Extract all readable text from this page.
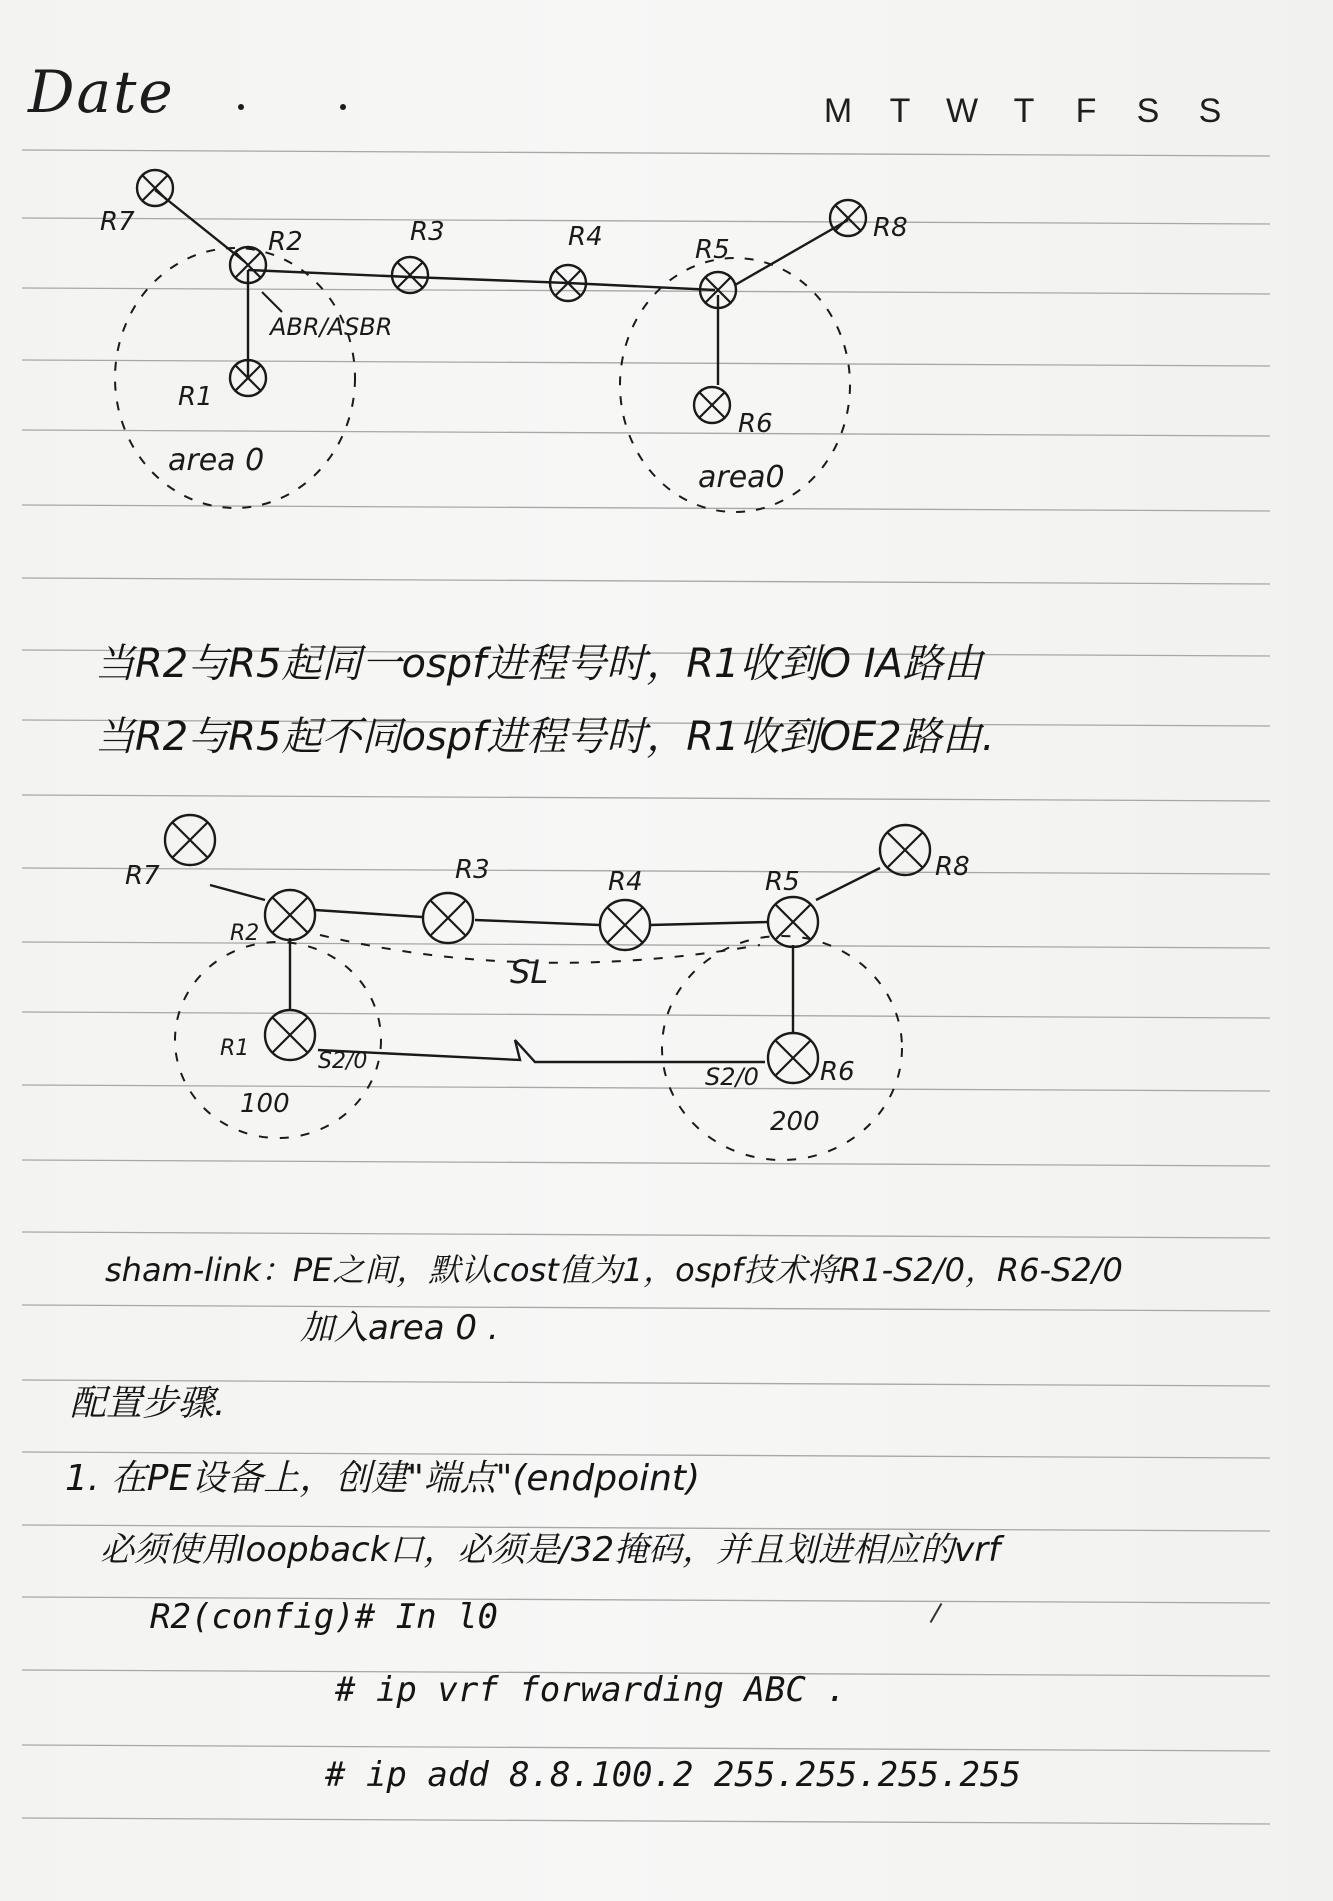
Date	M T W T F S S
R7
R2	R3	R4	R5
R8
R1
R6
ABR/ASBR
area 0	area0
当R2与R5起同一ospf进程号时，R1收到O IA路由
当R2与R5起不同ospf进程号时，R1收到OE2路由.
R7
R2
R3	R4	R5	R8
R1
R6
SL
S2/0
S2/0
100
200
sham-link：PE之间，默认cost值为1，ospf技术将R1-S2/0，R6-S2/0
加入area 0 .
配置步骤.
1. 在PE设备上，创建"端点"(endpoint)
必须使用loopback口，必须是/32掩码，并且划进相应的vrf
R2(config)# In l0
# ip vrf forwarding ABC .
# ip add 8.8.100.2 255.255.255.255
